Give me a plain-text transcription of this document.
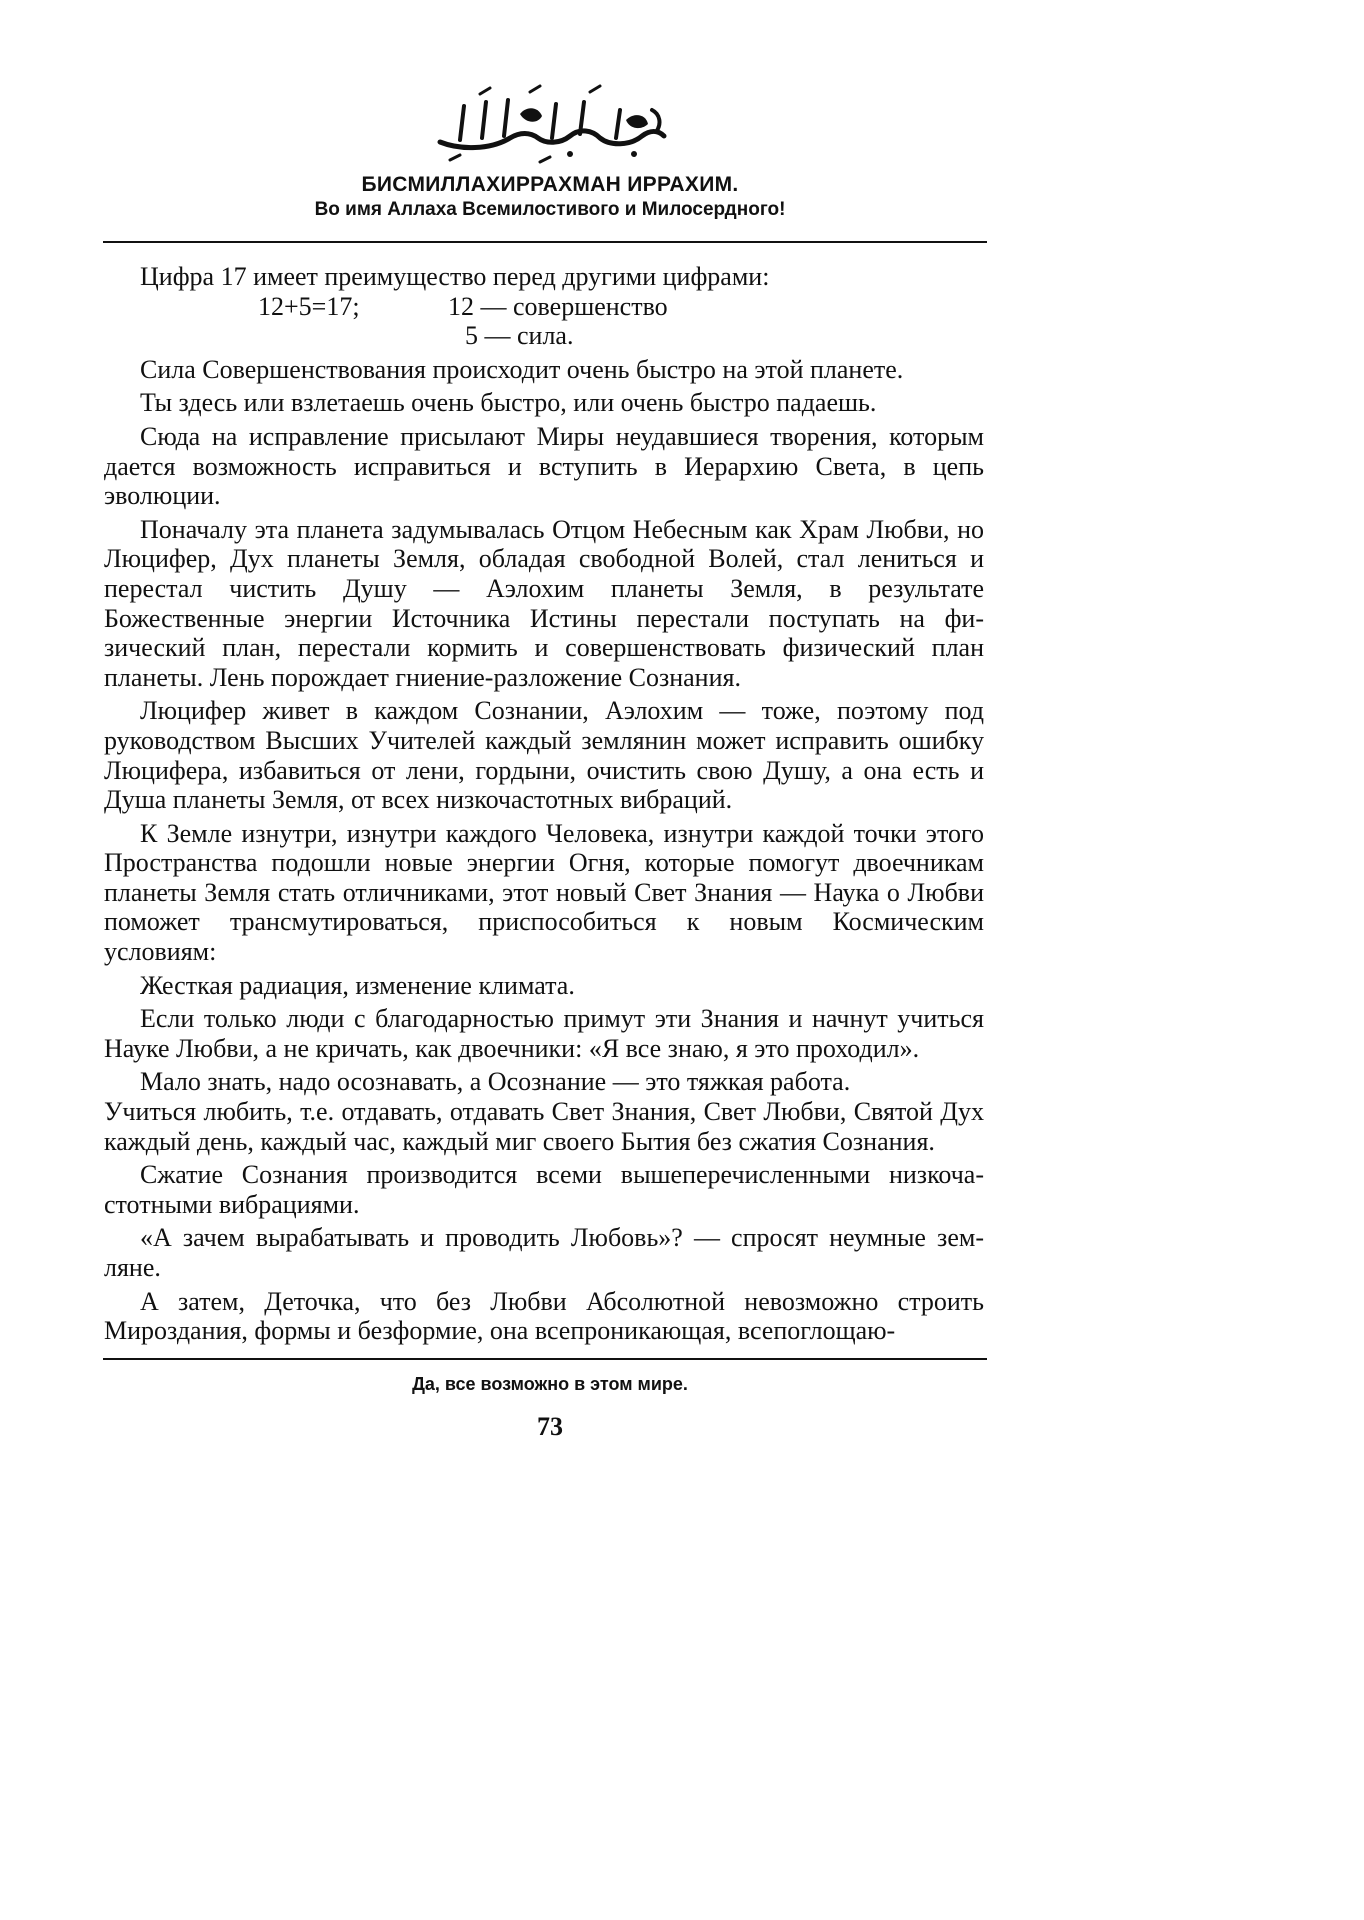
БИСМИЛЛАХИРРАХМАН ИРРАХИМ.
Во имя Аллаха Всемилостивого и Милосердного!

Цифра 17 имеет преимущество перед другими цифрами:

12+5=17;	12 — совершенство
5 — сила.

Сила Совершенствования происходит очень быстро на этой планете.

Ты здесь или взлетаешь очень быстро, или очень быстро падаешь.

Сюда на исправление присылают Миры неудавшиеся творения, которым дается возможность исправиться и вступить в Иерархию Света, в цепь эволюции.

Поначалу эта планета задумывалась Отцом Небесным как Храм Любви, но Люцифер, Дух планеты Земля, обладая свободной Волей, стал лениться и перестал чистить Душу — Аэлохим планеты Земля, в результате Божественные энергии Источника Истины перестали поступать на физический план, перестали кормить и совершенствовать физический план планеты. Лень порождает гниение-разложение Сознания.

Люцифер живет в каждом Сознании, Аэлохим — тоже, поэтому под руководством Высших Учителей каждый землянин может исправить ошибку Люцифера, избавиться от лени, гордыни, очистить свою Душу, а она есть и Душа планеты Земля, от всех низкочастотных вибраций.

К Земле изнутри, изнутри каждого Человека, изнутри каждой точки этого Пространства подошли новые энергии Огня, которые помогут двоечникам планеты Земля стать отличниками, этот новый Свет Знания — Наука о Любви поможет трансмутироваться, приспособиться к новым Космическим условиям:

Жесткая радиация, изменение климата.

Если только люди с благодарностью примут эти Знания и начнут учиться Науке Любви, а не кричать, как двоечники: «Я все знаю, я это проходил».

Мало знать, надо осознавать, а Осознание — это тяжкая работа.

Учиться любить, т.е. отдавать, отдавать Свет Знания, Свет Любви, Святой Дух каждый день, каждый час, каждый миг своего Бытия без сжатия Сознания.

Сжатие Сознания производится всеми вышеперечисленными низкочастотными вибрациями.

«А зачем вырабатывать и проводить Любовь»? — спросят неумные земляне.

А затем, Деточка, что без Любви Абсолютной невозможно строить Мироздания, формы и безформие, она всепроникающая, всепоглощаю-

Да, все возможно в этом мире.
73
